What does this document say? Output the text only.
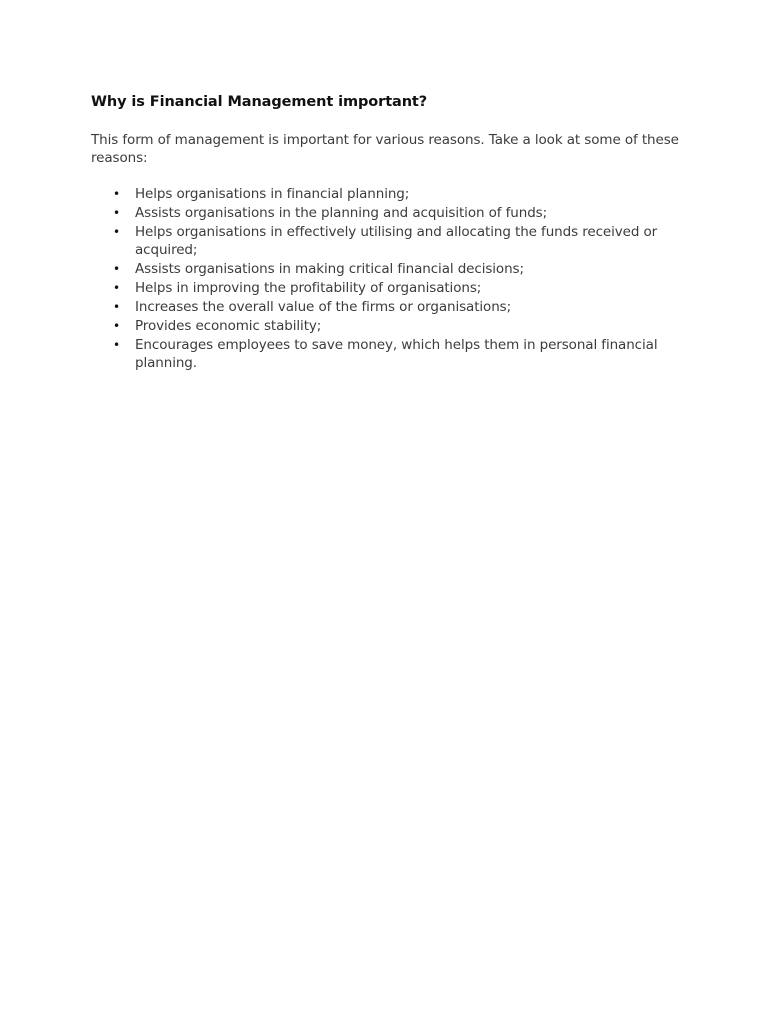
Why is Financial Management important?

This form of management is important for various reasons. Take a look at some of these reasons:

• Helps organisations in financial planning;
• Assists organisations in the planning and acquisition of funds;
• Helps organisations in effectively utilising and allocating the funds received or acquired;
• Assists organisations in making critical financial decisions;
• Helps in improving the profitability of organisations;
• Increases the overall value of the firms or organisations;
• Provides economic stability;
• Encourages employees to save money, which helps them in personal financial planning.
